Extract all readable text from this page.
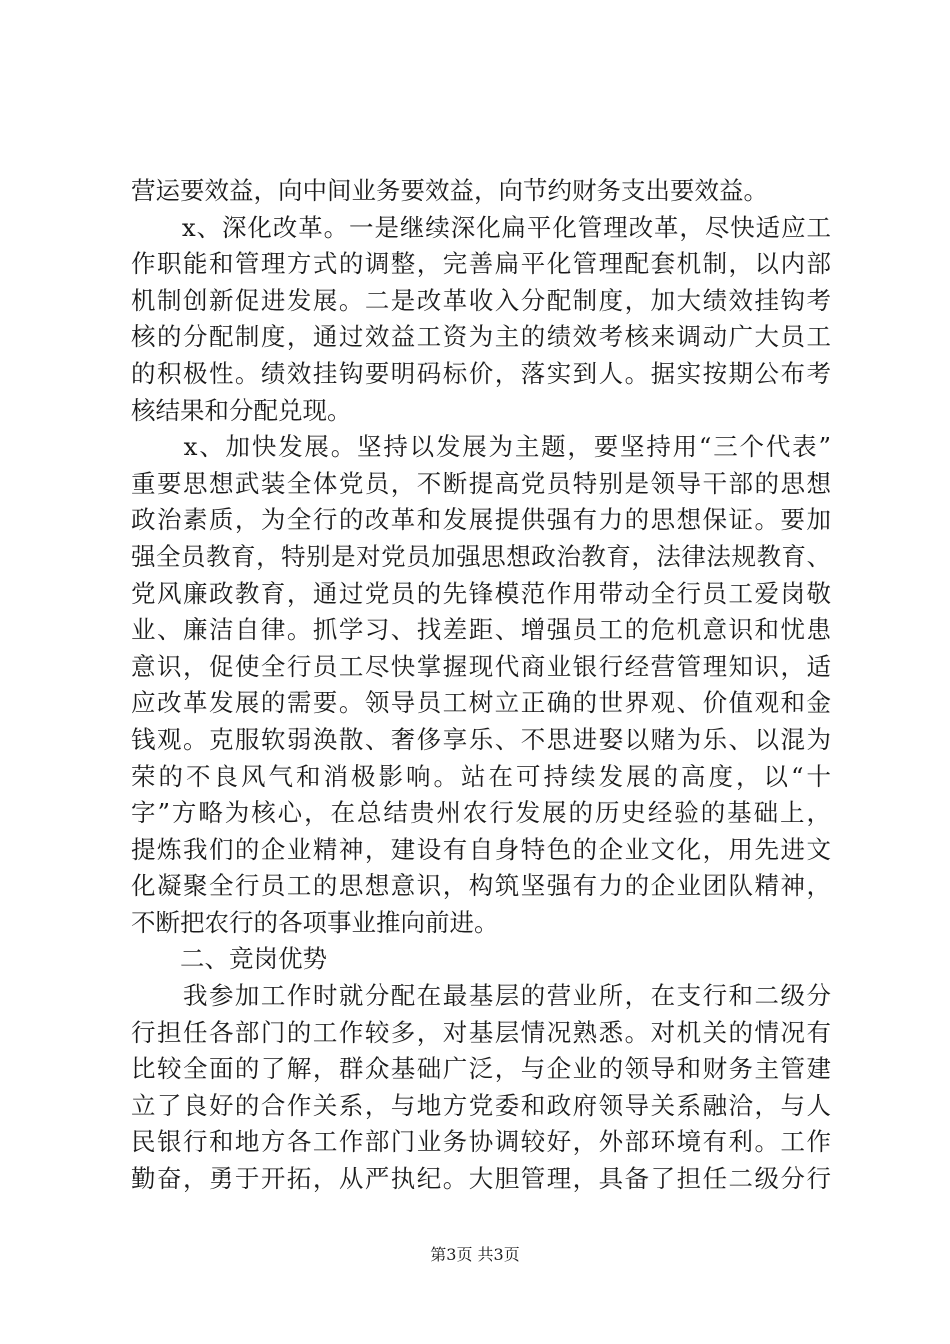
营运要效益，向中间业务要效益，向节约财务支出要效益。
　　x、深化改革。一是继续深化扁平化管理改革，尽快适应工
作职能和管理方式的调整，完善扁平化管理配套机制，以内部
机制创新促进发展。二是改革收入分配制度，加大绩效挂钩考
核的分配制度，通过效益工资为主的绩效考核来调动广大员工
的积极性。绩效挂钩要明码标价，落实到人。据实按期公布考
核结果和分配兑现。
　　x、加快发展。坚持以发展为主题，要坚持用“三个代表”
重要思想武装全体党员，不断提高党员特别是领导干部的思想
政治素质，为全行的改革和发展提供强有力的思想保证。要加
强全员教育，特别是对党员加强思想政治教育，法律法规教育、
党风廉政教育，通过党员的先锋模范作用带动全行员工爱岗敬
业、廉洁自律。抓学习、找差距、增强员工的危机意识和忧患
意识，促使全行员工尽快掌握现代商业银行经营管理知识，适
应改革发展的需要。领导员工树立正确的世界观、价值观和金
钱观。克服软弱涣散、奢侈享乐、不思进娶以赌为乐、以混为
荣的不良风气和消极影响。站在可持续发展的高度，以“十
字”方略为核心，在总结贵州农行发展的历史经验的基础上，
提炼我们的企业精神，建设有自身特色的企业文化，用先进文
化凝聚全行员工的思想意识，构筑坚强有力的企业团队精神，
不断把农行的各项事业推向前进。
　　二、竞岗优势
　　我参加工作时就分配在最基层的营业所，在支行和二级分
行担任各部门的工作较多，对基层情况熟悉。对机关的情况有
比较全面的了解，群众基础广泛，与企业的领导和财务主管建
立了良好的合作关系，与地方党委和政府领导关系融洽，与人
民银行和地方各工作部门业务协调较好，外部环境有利。工作
勤奋，勇于开拓，从严执纪。大胆管理，具备了担任二级分行
第3页 共3页
